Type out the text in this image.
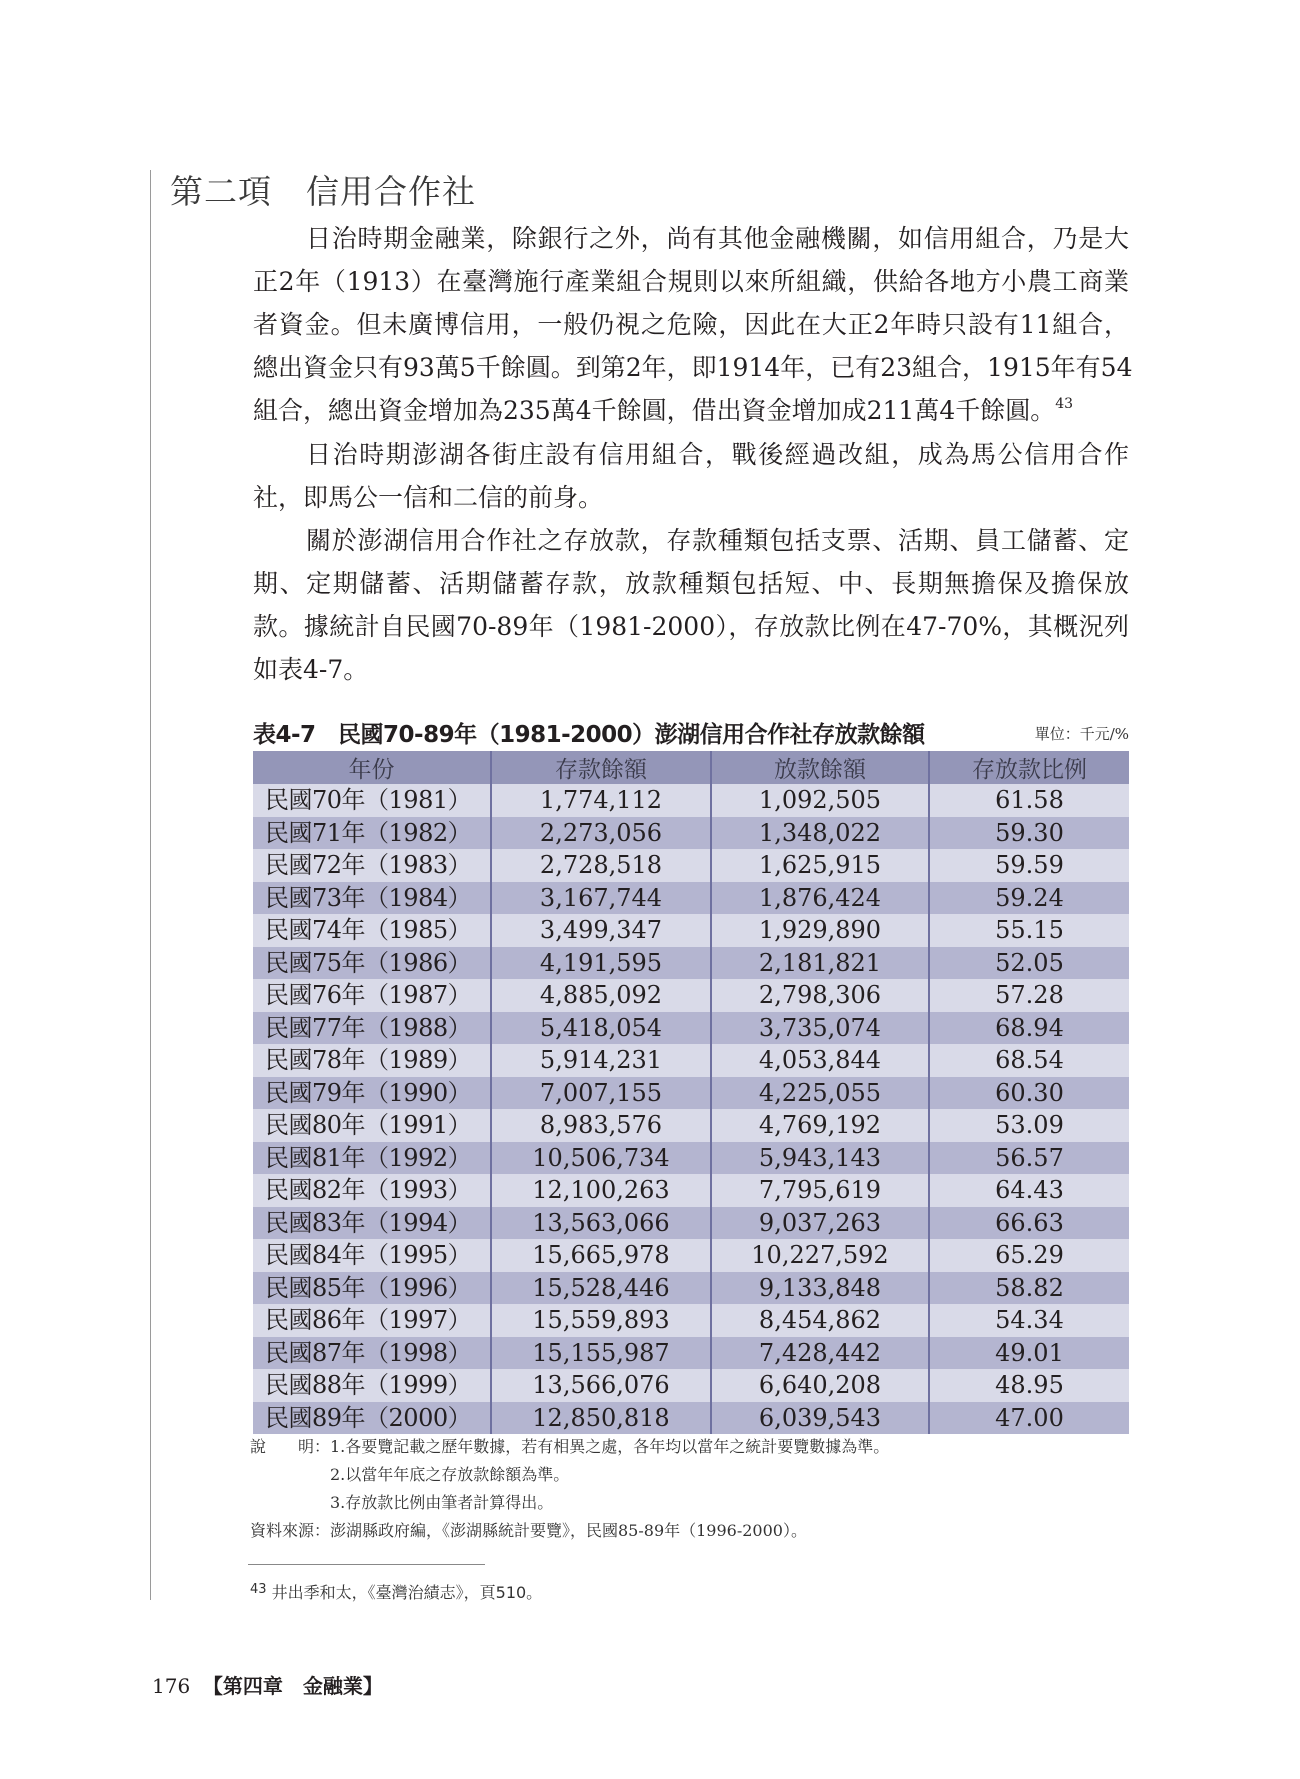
第二項　信用合作社
日治時期金融業，除銀行之外，尚有其他金融機關，如信用組合，乃是大
正2年（1913）在臺灣施行產業組合規則以來所組織，供給各地方小農工商業
者資金。但未廣博信用，一般仍視之危險，因此在大正2年時只設有11組合，
總出資金只有93萬5千餘圓。到第2年，即1914年，已有23組合，1915年有54
組合，總出資金增加為235萬4千餘圓，借出資金增加成211萬4千餘圓。$^{43}$
日治時期澎湖各街庄設有信用組合，戰後經過改組，成為馬公信用合作
社，即馬公一信和二信的前身。
關於澎湖信用合作社之存放款，存款種類包括支票、活期、員工儲蓄、定
期、定期儲蓄、活期儲蓄存款，放款種類包括短、中、長期無擔保及擔保放
款。據統計自民國70-89年（1981-2000），存放款比例在47-70%，其概況列
如表4-7。
表4-7　民國70-89年（1981-2000）澎湖信用合作社存放款餘額	單位：千元/%
年份	存款餘額	放款餘額	存放款比例
民國70年（1981）	1,774,112	1,092,505	61.58
民國71年（1982）	2,273,056	1,348,022	59.30
民國72年（1983）	2,728,518	1,625,915	59.59
民國73年（1984）	3,167,744	1,876,424	59.24
民國74年（1985）	3,499,347	1,929,890	55.15
民國75年（1986）	4,191,595	2,181,821	52.05
民國76年（1987）	4,885,092	2,798,306	57.28
民國77年（1988）	5,418,054	3,735,074	68.94
民國78年（1989）	5,914,231	4,053,844	68.54
民國79年（1990）	7,007,155	4,225,055	60.30
民國80年（1991）	8,983,576	4,769,192	53.09
民國81年（1992）	10,506,734	5,943,143	56.57
民國82年（1993）	12,100,263	7,795,619	64.43
民國83年（1994）	13,563,066	9,037,263	66.63
民國84年（1995）	15,665,978	10,227,592	65.29
民國85年（1996）	15,528,446	9,133,848	58.82
民國86年（1997）	15,559,893	8,454,862	54.34
民國87年（1998）	15,155,987	7,428,442	49.01
民國88年（1999）	13,566,076	6,640,208	48.95
民國89年（2000）	12,850,818	6,039,543	47.00
說　　明：1.各要覽記載之歷年數據，若有相異之處，各年均以當年之統計要覽數據為準。
　　　　　2.以當年年底之存放款餘額為準。
　　　　　3.存放款比例由筆者計算得出。
資料來源：澎湖縣政府編，《澎湖縣統計要覽》，民國85-89年（1996-2000）。
$^{43}$ 井出季和太，《臺灣治績志》，頁510。
176 【第四章　金融業】
